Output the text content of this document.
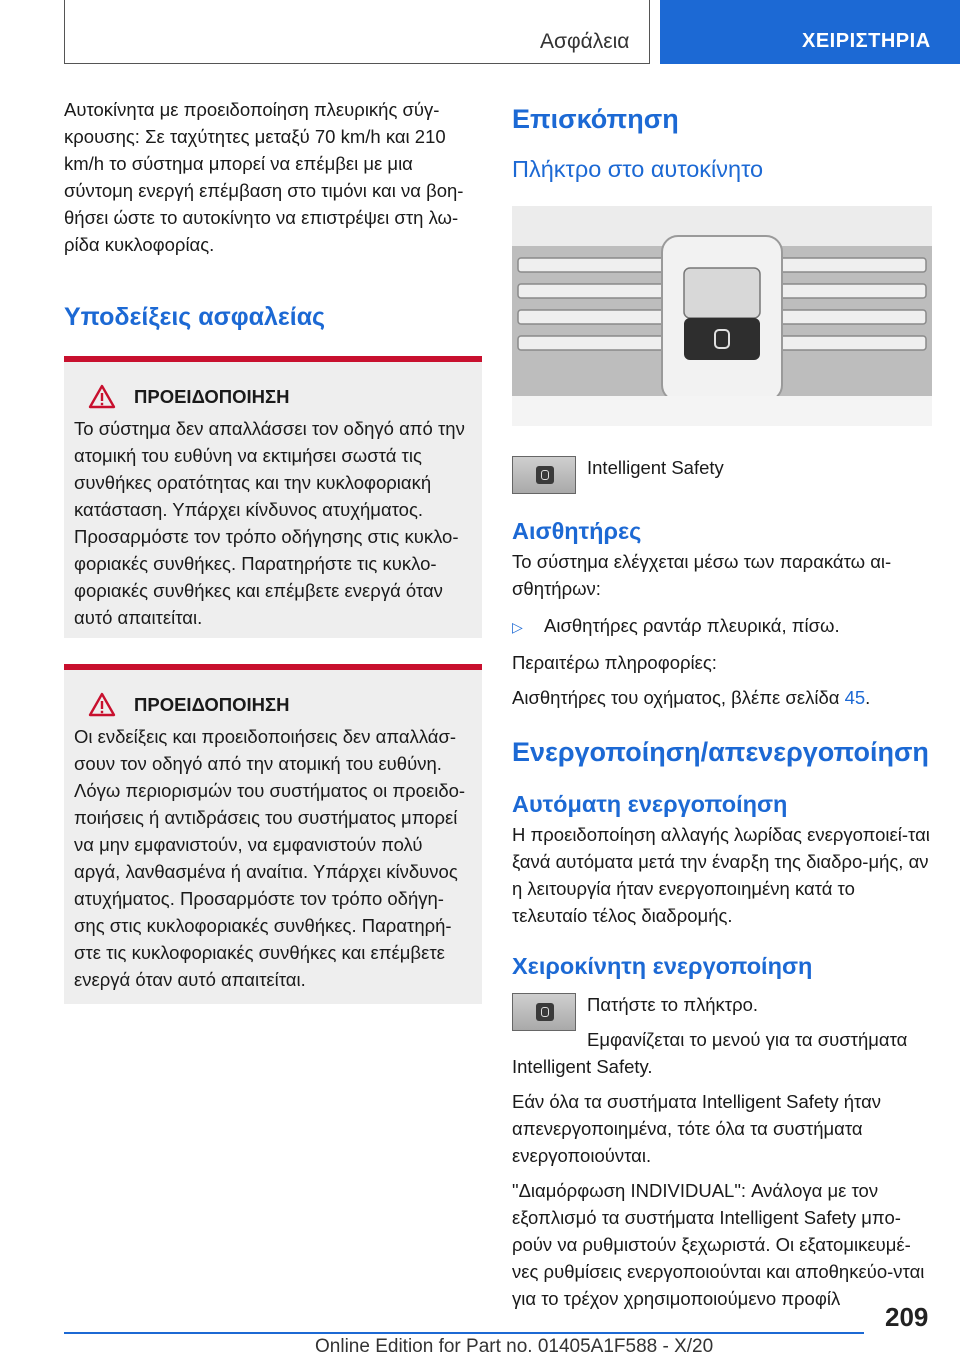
Ασφάλεια	ΧΕΙΡΙΣΤΗΡΙΑ

Αυτοκίνητα με προειδοποίηση πλευρικής σύγ-κρουσης: Σε ταχύτητες μεταξύ 70 km/h και 210 km/h το σύστημα μπορεί να επέμβει με μια σύντομη ενεργή επέμβαση στο τιμόνι και να βοη-θήσει ώστε το αυτοκίνητο να επιστρέψει στη λω-ρίδα κυκλοφορίας.

Υποδείξεις ασφαλείας
ΠΡΟΕΙΔΟΠΟΙΗΣΗ

Το σύστημα δεν απαλλάσσει τον οδηγό από την ατομική του ευθύνη να εκτιμήσει σωστά τις συνθήκες ορατότητας και την κυκλοφοριακή κατάσταση. Υπάρχει κίνδυνος ατυχήματος. Προσαρμόστε τον τρόπο οδήγησης στις κυκλο-φοριακές συνθήκες. Παρατηρήστε τις κυκλο-φοριακές συνθήκες και επέμβετε ενεργά όταν αυτό απαιτείται.

ΠΡΟΕΙΔΟΠΟΙΗΣΗ

Οι ενδείξεις και προειδοποιήσεις δεν απαλλάσ-σουν τον οδηγό από την ατομική του ευθύνη. Λόγω περιορισμών του συστήματος οι προειδο-ποιήσεις ή αντιδράσεις του συστήματος μπορεί να μην εμφανιστούν, να εμφανιστούν πολύ αργά, λανθασμένα ή αναίτια. Υπάρχει κίνδυνος ατυχήματος. Προσαρμόστε τον τρόπο οδήγη-σης στις κυκλοφοριακές συνθήκες. Παρατηρή-στε τις κυκλοφοριακές συνθήκες και επέμβετε ενεργά όταν αυτό απαιτείται.

Επισκόπηση
Πλήκτρο στο αυτοκίνητο

Intelligent Safety

Αισθητήρες

Το σύστημα ελέγχεται μέσω των παρακάτω αι-σθητήρων:

▷	Αισθητήρες ραντάρ πλευρικά, πίσω.

Περαιτέρω πληροφορίες:

Αισθητήρες του οχήματος, βλέπε σελίδα 45.

Ενεργοποίηση/απενεργοποίηση
Αυτόματη ενεργοποίηση

Η προειδοποίηση αλλαγής λωρίδας ενεργοποιεί-ται ξανά αυτόματα μετά την έναρξη της διαδρο-μής, αν η λειτουργία ήταν ενεργοποιημένη κατά το τελευταίο τέλος διαδρομής.

Χειροκίνητη ενεργοποίηση

Πατήστε το πλήκτρο.

Εμφανίζεται το μενού για τα συστήματα

Intelligent Safety.

Εάν όλα τα συστήματα Intelligent Safety ήταν απενεργοποιημένα, τότε όλα τα συστήματα ενεργοποιούνται.

"Διαμόρφωση INDIVIDUAL": Ανάλογα με τον εξοπλισμό τα συστήματα Intelligent Safety μπο-ρούν να ρυθμιστούν ξεχωριστά. Οι εξατομικευμέ-νες ρυθμίσεις ενεργοποιούνται και αποθηκεύο-νται για το τρέχον χρησιμοποιούμενο προφίλ

209
Online Edition for Part no. 01405A1F588 - X/20
